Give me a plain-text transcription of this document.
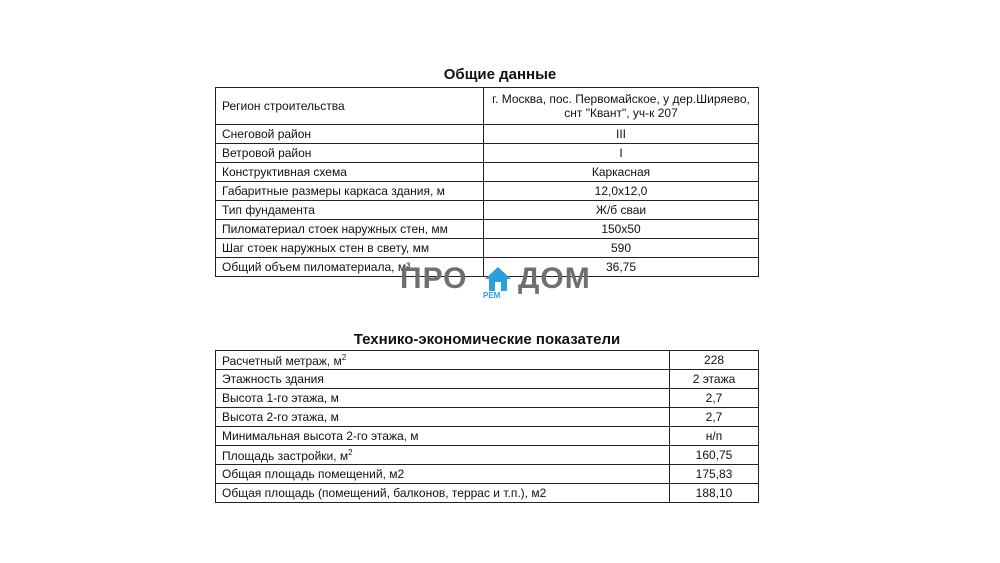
Общие данные
Регион строительства	г. Москва, пос. Первомайское, у дер.Ширяево, снт "Квант", уч-к 207
Снеговой район	III
Ветровой район	I
Конструктивная схема	Каркасная
Габаритные размеры каркаса здания, м	12,0х12,0
Тип фундамента	Ж/б сваи
Пиломатериал стоек наружных стен, мм	150х50
Шаг стоек наружных стен в свету, мм	590
Общий объем пиломатериала, м³	36,75
ПРО
РЕМ
ДОМ
Технико-экономические показатели
Расчетный метраж, $м^2$	228
Этажность здания	2 этажа
Высота 1-го этажа, м	2,7
Высота 2-го этажа, м	2,7
Минимальная высота 2-го этажа, м	н/п
Площадь застройки, $м^2$	160,75
Общая площадь помещений, м2	175,83
Общая площадь (помещений, балконов, террас и т.п.), м2	188,10
